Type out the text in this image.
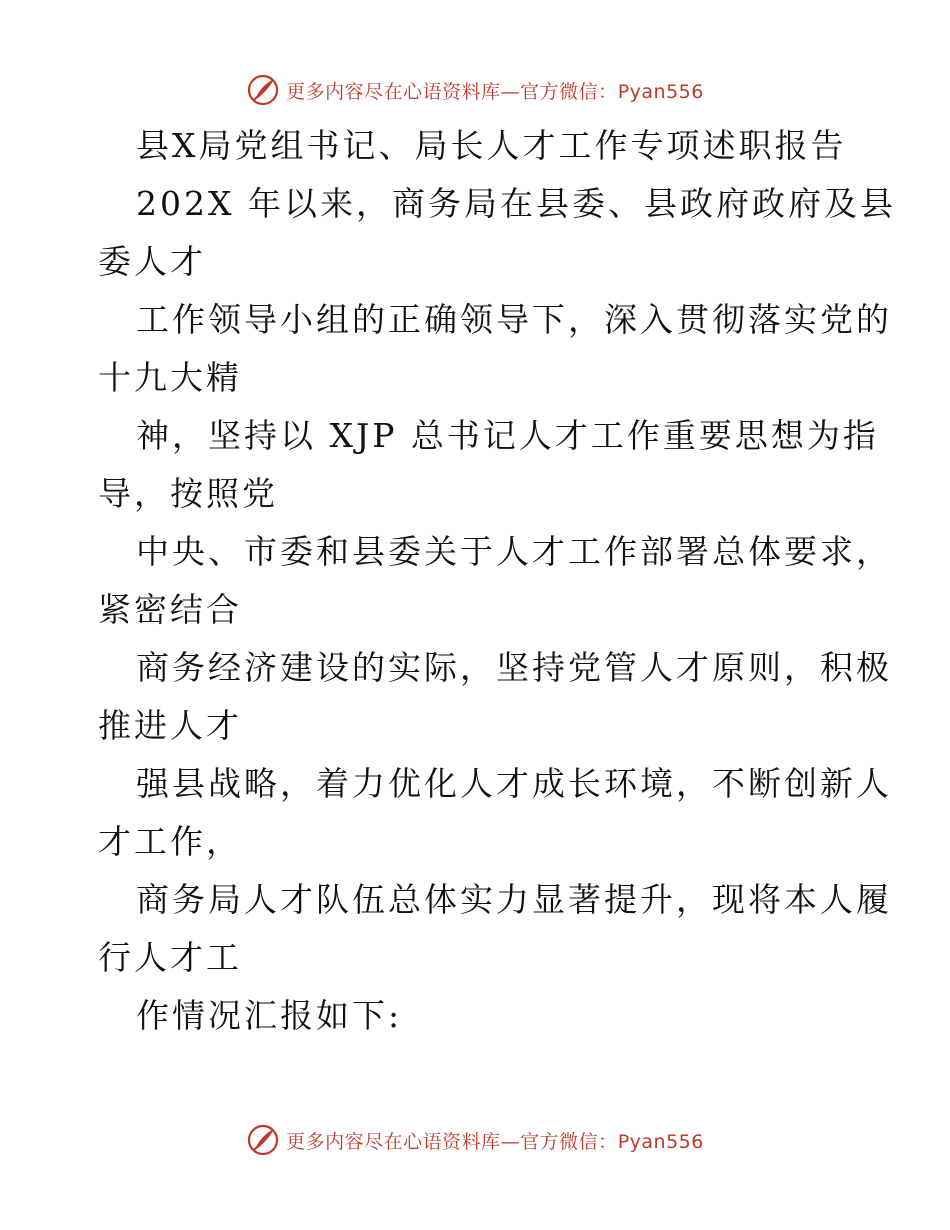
更多内容尽在心语资料库—官方微信：Pyan556
县X局党组书记、局长人才工作专项述职报告
202X 年以来，商务局在县委、县政府政府及县
委人才
工作领导小组的正确领导下，深入贯彻落实党的
十九大精
神，坚持以 XJP 总书记人才工作重要思想为指
导，按照党
中央、市委和县委关于人才工作部署总体要求，
紧密结合
商务经济建设的实际，坚持党管人才原则，积极
推进人才
强县战略，着力优化人才成长环境，不断创新人
才工作，
商务局人才队伍总体实力显著提升，现将本人履
行人才工
作情况汇报如下:
更多内容尽在心语资料库—官方微信：Pyan556
